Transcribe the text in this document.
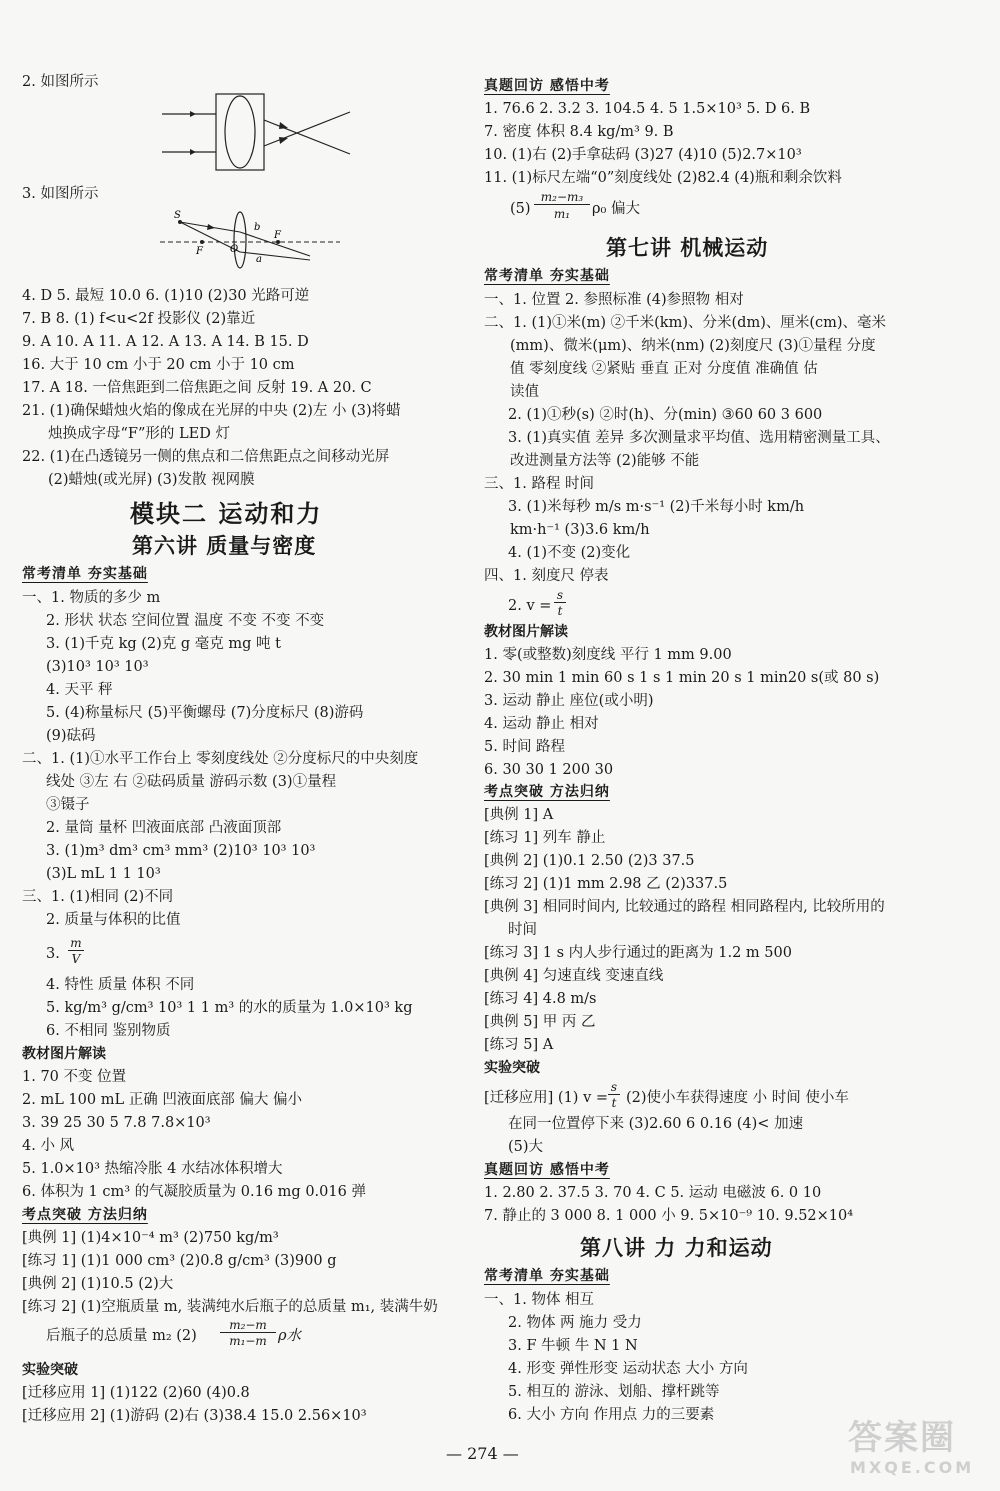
2. 如图所示
3. 如图所示
S
F	O
b
F
a
4. D 5. 最短 10.0 6. (1)10 (2)30 光路可逆
7. B 8. (1) f<u<2f 投影仪 (2)靠近
9. A 10. A 11. A 12. A 13. A 14. B 15. D
16. 大于 10 cm 小于 20 cm 小于 10 cm
17. A 18. 一倍焦距到二倍焦距之间 反射 19. A 20. C
21. (1)确保蜡烛火焰的像成在光屏的中央 (2)左 小 (3)将蜡
烛换成字母“F”形的 LED 灯
22. (1)在凸透镜另一侧的焦点和二倍焦距点之间移动光屏
(2)蜡烛(或光屏) (3)发散 视网膜
模块二 运动和力
第六讲 质量与密度
常考清单 夯实基础
一、1. 物质的多少 m
2. 形状 状态 空间位置 温度 不变 不变 不变
3. (1)千克 kg (2)克 g 毫克 mg 吨 t
(3)10³ 10³ 10³
4. 天平 秤
5. (4)称量标尺 (5)平衡螺母 (7)分度标尺 (8)游码
(9)砝码
二、1. (1)①水平工作台上 零刻度线处 ②分度标尺的中央刻度
线处 ③左 右 ②砝码质量 游码示数 (3)①量程
③镊子
2. 量筒 量杯 凹液面底部 凸液面顶部
3. (1)m³ dm³ cm³ mm³ (2)10³ 10³ 10³
(3)L mL 1 1 10³
三、1. (1)相同 (2)不同
2. 质量与体积的比值
3.
m
V
4. 特性 质量 体积 不同
5. kg/m³ g/cm³ 10³ 1 1 m³ 的水的质量为 1.0×10³ kg
6. 不相同 鉴别物质
教材图片解读
1. 70 不变 位置
2. mL 100 mL 正确 凹液面底部 偏大 偏小
3. 39 25 30 5 7.8 7.8×10³
4. 小 风
5. 1.0×10³ 热缩冷胀 4 水结冰体积增大
6. 体积为 1 cm³ 的气凝胶质量为 0.16 mg 0.016 弹
考点突破 方法归纳
[典例 1] (1)4×10⁻⁴ m³ (2)750 kg/m³
[练习 1] (1)1 000 cm³ (2)0.8 g/cm³ (3)900 g
[典例 2] (1)10.5 (2)大
[练习 2] (1)空瓶质量 m, 装满纯水后瓶子的总质量 m₁, 装满牛奶
后瓶子的总质量 m₂ (2)
m₂−m
m₁−m ρ水
实验突破
[迁移应用 1] (1)122 (2)60 (4)0.8
[迁移应用 2] (1)游码 (2)右 (3)38.4 15.0 2.56×10³
真题回访 感悟中考
1. 76.6 2. 3.2 3. 104.5 4. 5 1.5×10³ 5. D 6. B
7. 密度 体积 8.4 kg/m³ 9. B
10. (1)右 (2)手拿砝码 (3)27 (4)10 (5)2.7×10³
11. (1)标尺左端“0”刻度线处 (2)82.4 (4)瓶和剩余饮料
(5)
m₂−m₃
m₁	ρ₀ 偏大
第七讲 机械运动
常考清单 夯实基础
一、1. 位置 2. 参照标准 (4)参照物 相对
二、1. (1)①米(m) ②千米(km)、分米(dm)、厘米(cm)、毫米
(mm)、微米(μm)、纳米(nm) (2)刻度尺 (3)①量程 分度
值 零刻度线 ②紧贴 垂直 正对 分度值 准确值 估
读值
2. (1)①秒(s) ②时(h)、分(min) ③60 60 3 600
3. (1)真实值 差异 多次测量求平均值、选用精密测量工具、
改进测量方法等 (2)能够 不能
三、1. 路程 时间
3. (1)米每秒 m/s m·s⁻¹ (2)千米每小时 km/h
km·h⁻¹ (3)3.6 km/h
4. (1)不变 (2)变化
四、1. 刻度尺 停表
2. v =
s
t
教材图片解读
1. 零(或整数)刻度线 平行 1 mm 9.00
2. 30 min 1 min 60 s 1 s 1 min 20 s 1 min20 s(或 80 s)
3. 运动 静止 座位(或小明)
4. 运动 静止 相对
5. 时间 路程
6. 30 30 1 200 30
考点突破 方法归纳
[典例 1] A
[练习 1] 列车 静止
[典例 2] (1)0.1 2.50 (2)3 37.5
[练习 2] (1)1 mm 2.98 乙 (2)337.5
[典例 3] 相同时间内, 比较通过的路程 相同路程内, 比较所用的
时间
[练习 3] 1 s 内人步行通过的距离为 1.2 m 500
[典例 4] 匀速直线 变速直线
[练习 4] 4.8 m/s
[典例 5] 甲 丙 乙
[练习 5] A
实验突破
[迁移应用] (1) v =
s
t (2)使小车获得速度 小 时间 使小车
在同一位置停下来 (3)2.60 6 0.16 (4)< 加速
(5)大
真题回访 感悟中考
1. 2.80 2. 37.5 3. 70 4. C 5. 运动 电磁波 6. 0 10
7. 静止的 3 000 8. 1 000 小 9. 5×10⁻⁹ 10. 9.52×10⁴
第八讲 力 力和运动
常考清单 夯实基础
一、1. 物体 相互
2. 物体 两 施力 受力
3. F 牛顿 牛 N 1 N
4. 形变 弹性形变 运动状态 大小 方向
5. 相互的 游泳、划船、撑杆跳等
6. 大小 方向 作用点 力的三要素
— 274 —	答案圈
MXQE.COM
